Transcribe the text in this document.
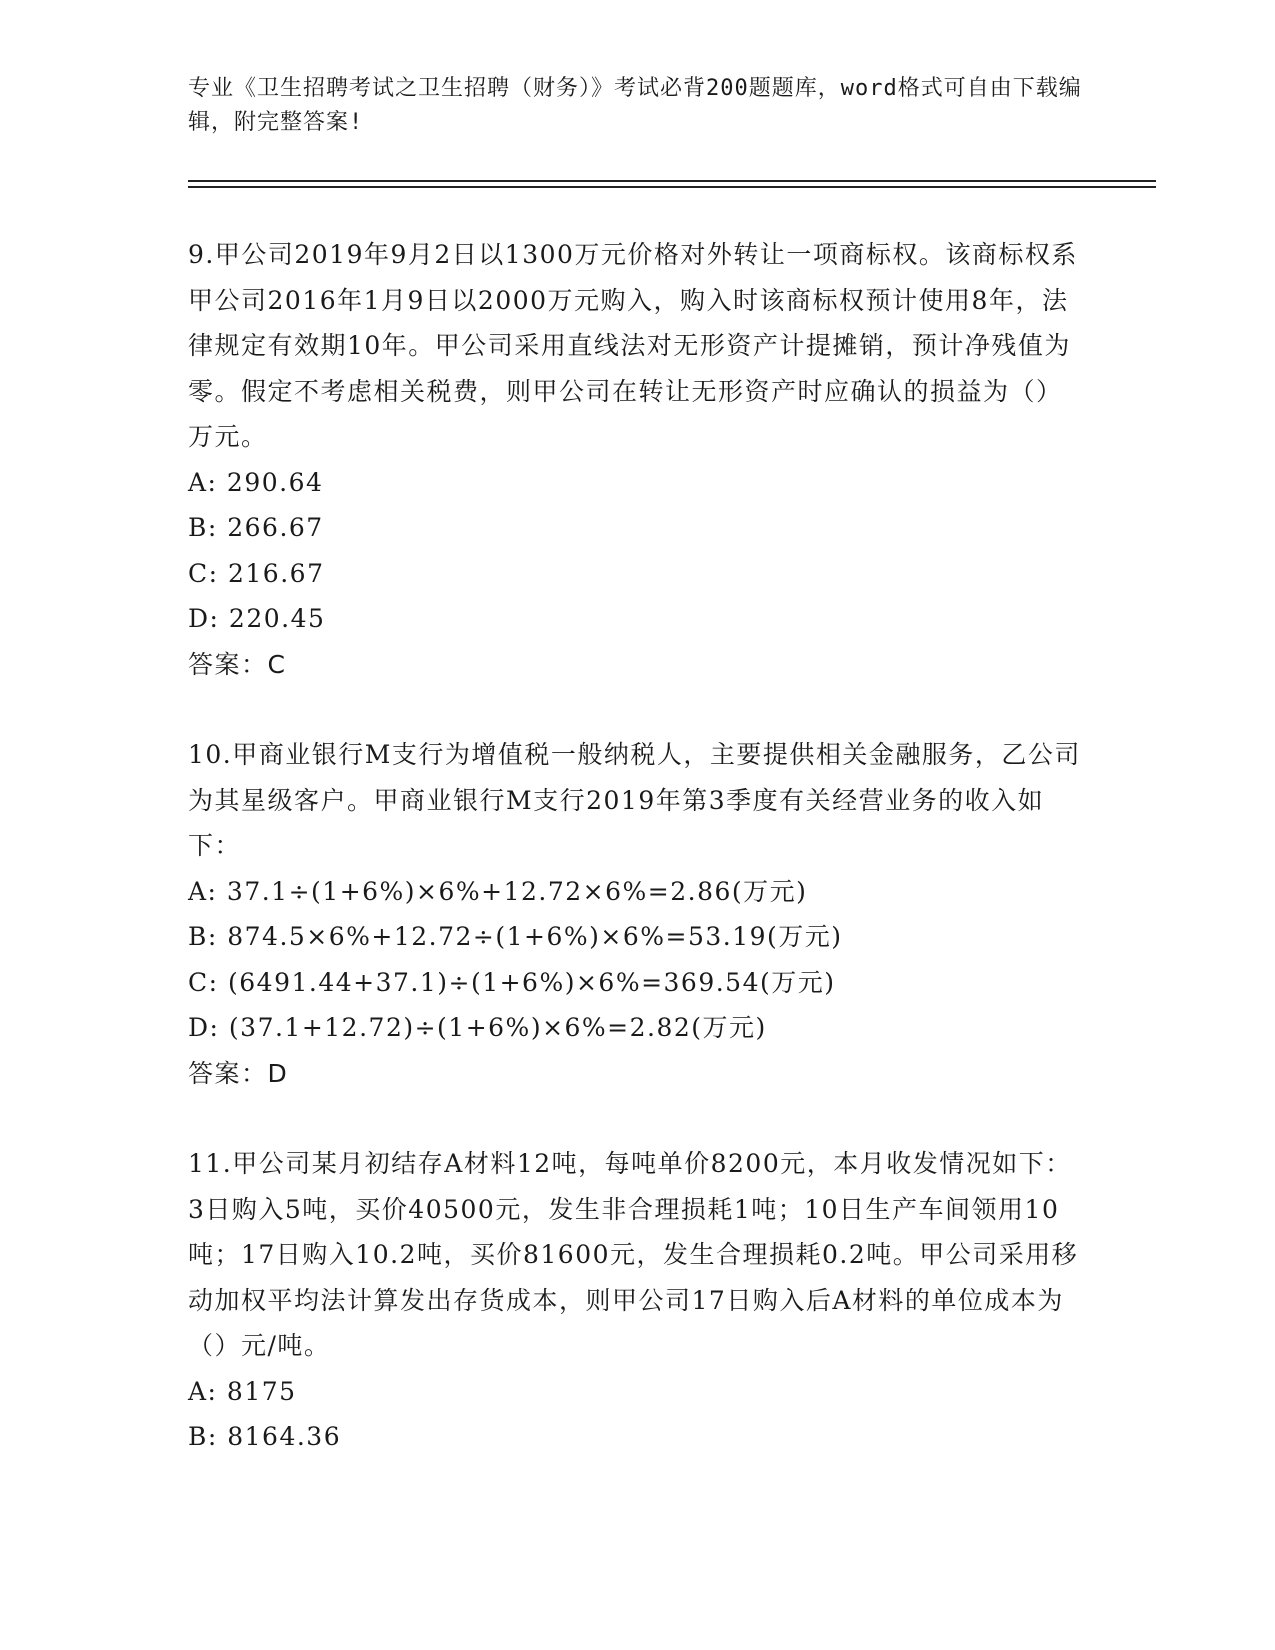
专业《卫生招聘考试之卫生招聘（财务）》考试必背200题题库，word格式可自由下载编辑，附完整答案!

9.甲公司2019年9月2日以1300万元价格对外转让一项商标权。该商标权系甲公司2016年1月9日以2000万元购入，购入时该商标权预计使用8年，法律规定有效期10年。甲公司采用直线法对无形资产计提摊销，预计净残值为零。假定不考虑相关税费，则甲公司在转让无形资产时应确认的损益为（）万元。

A: 290.64

B: 266.67

C: 216.67

D: 220.45

答案：C

10.甲商业银行M支行为增值税一般纳税人，主要提供相关金融服务，乙公司为其星级客户。甲商业银行M支行2019年第3季度有关经营业务的收入如下：

A: 37.1÷(1+6%)×6%+12.72×6%=2.86(万元)

B: 874.5×6%+12.72÷(1+6%)×6%=53.19(万元)

C: (6491.44+37.1)÷(1+6%)×6%=369.54(万元)

D: (37.1+12.72)÷(1+6%)×6%=2.82(万元)

答案：D

11.甲公司某月初结存A材料12吨，每吨单价8200元，本月收发情况如下：3日购入5吨，买价40500元，发生非合理损耗1吨；10日生产车间领用10吨；17日购入10.2吨，买价81600元，发生合理损耗0.2吨。甲公司采用移动加权平均法计算发出存货成本，则甲公司17日购入后A材料的单位成本为（）元/吨。

A: 8175

B: 8164.36
